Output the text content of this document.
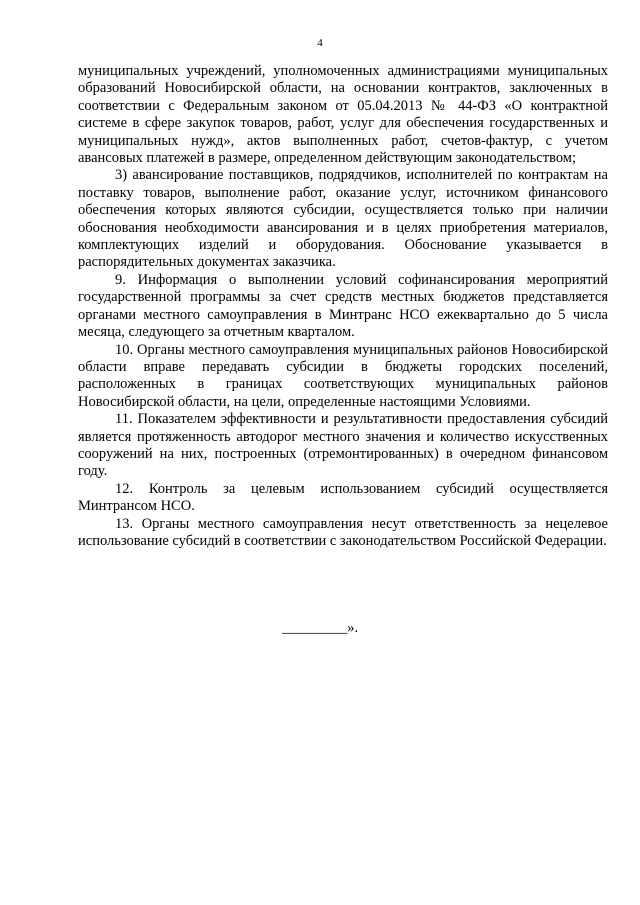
4

муниципальных учреждений, уполномоченных администрациями муниципальных образований Новосибирской области, на основании контрактов, заключенных в соответствии с Федеральным законом от 05.04.2013 № 44-ФЗ «О контрактной системе в сфере закупок товаров, работ, услуг для обеспечения государственных и муниципальных нужд», актов выполненных работ, счетов-фактур, с учетом авансовых платежей в размере, определенном действующим законодательством;

3) авансирование поставщиков, подрядчиков, исполнителей по контрактам на поставку товаров, выполнение работ, оказание услуг, источником финансового обеспечения которых являются субсидии, осуществляется только при наличии обоснования необходимости авансирования и в целях приобретения материалов, комплектующих изделий и оборудования. Обоснование указывается в распорядительных документах заказчика.

9. Информация о выполнении условий софинансирования мероприятий государственной программы за счет средств местных бюджетов представляется органами местного самоуправления в Минтранс НСО ежеквартально до 5 числа месяца, следующего за отчетным кварталом.

10. Органы местного самоуправления муниципальных районов Новосибирской области вправе передавать субсидии в бюджеты городских поселений, расположенных в границах соответствующих муниципальных районов Новосибирской области, на цели, определенные настоящими Условиями.

11. Показателем эффективности и результативности предоставления субсидий является протяженность автодорог местного значения и количество искусственных сооружений на них, построенных (отремонтированных) в очередном финансовом году.

12. Контроль за целевым использованием субсидий осуществляется Минтрансом НСО.

13. Органы местного самоуправления несут ответственность за нецелевое использование субсидий в соответствии с законодательством Российской Федерации.

_________».
